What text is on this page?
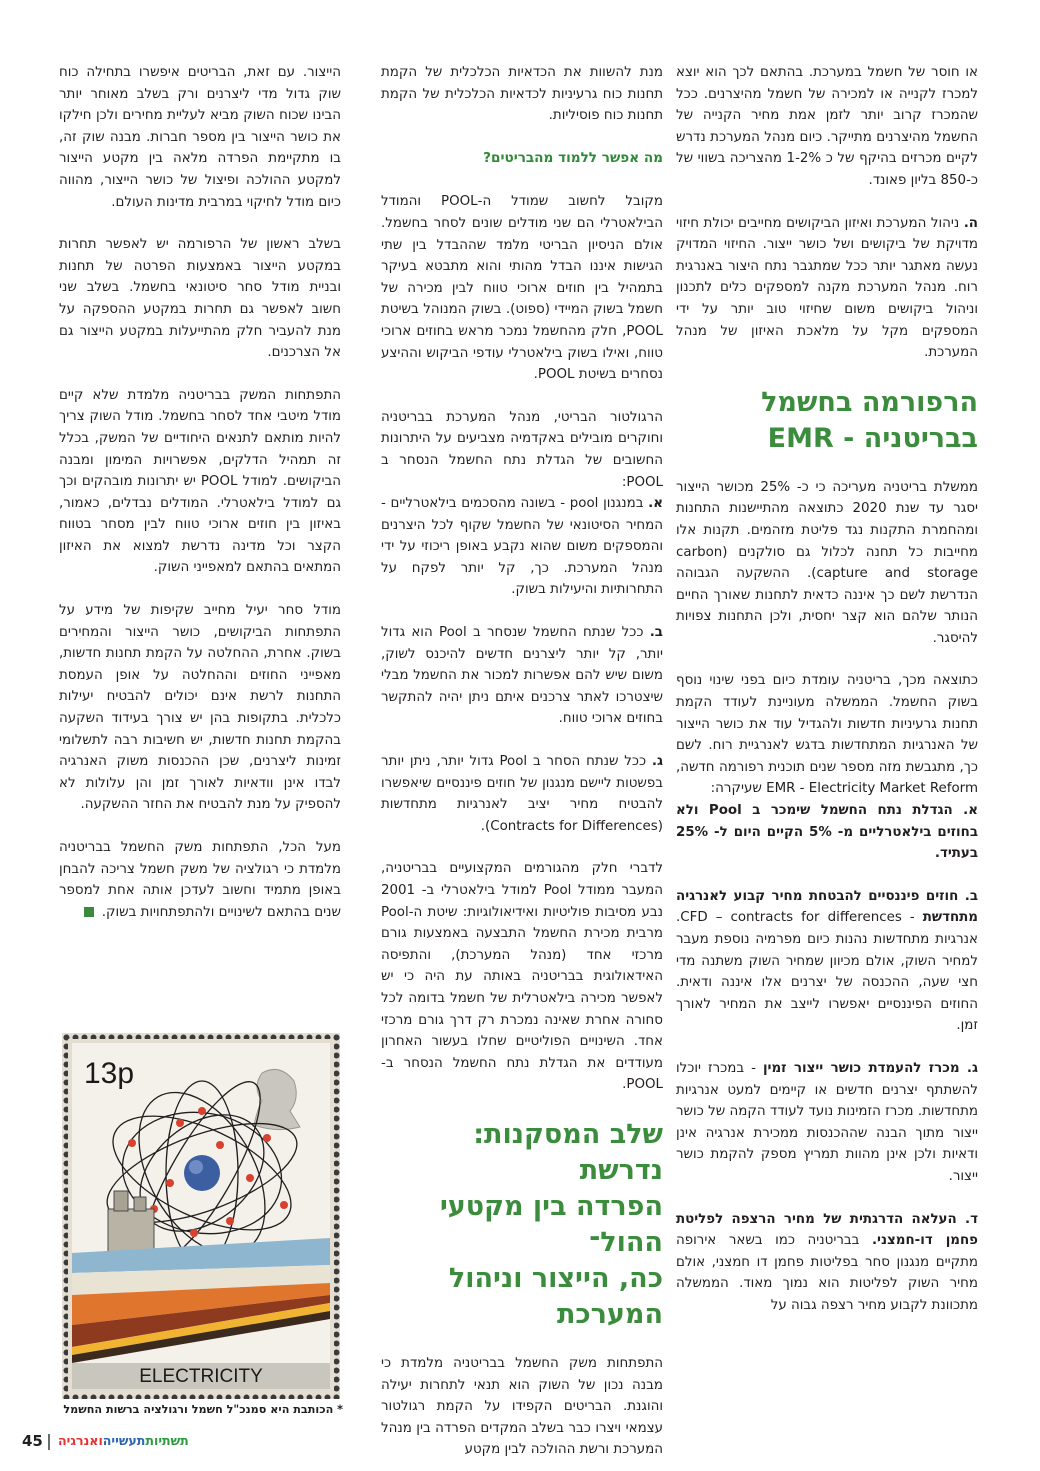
או חוסר של חשמל במערכת. בהתאם לכך הוא יוצא למכרז לקנייה או למכירה של חשמל מהיצרנים. ככל שהמכרז קרוב יותר לזמן אמת מחיר הקנייה של החשמל מהיצרנים מתייקר. כיום מנהל המערכת נדרש לקיים מכרזים בהיקף של כ 2%-1 מהצריכה בשווי של כ-850 בליון פאונד.

ה. ניהול המערכת ואיזון הביקושים מחייבים יכולת חיזוי מדויקת של ביקושים ושל כושר ייצור. החיזוי המדויק נעשה מאתגר יותר ככל שמתגבר נתח היצור באנרגית רוח. מנהל המערכת מקנה למספקים כלים לתכנון וניהול ביקושים משום שחיזוי טוב יותר על ידי המספקים מקל על מלאכת האיזון של מנהל המערכת.

הרפורמה בחשמל
בבריטניה - EMR

ממשלת בריטניה מעריכה כי כ- 25% מכושר הייצור יסגר עד שנת 2020 כתוצאה מהתיישנות התחנות ומהחמרת התקנות נגד פליטת מזהמים. תקנות אלו מחייבות כל תחנה לכלול גם סולקנים (carbon capture and storage). ההשקעה הגבוהה הנדרשת לשם כך איננה כדאית לתחנות שאורך החיים הנותר שלהם הוא קצר יחסית, ולכן התחנות צפויות להיסגר.

כתוצאה מכך, בריטניה עומדת כיום בפני שינוי נוסף בשוק החשמל. הממשלה מעוניינת לעודד הקמת תחנות גרעיניות חדשות ולהגדיל עוד את כושר הייצור של האנרגיות המתחדשות בדגש לאנרגיית רוח. לשם כך, מתגבשת מזה מספר שנים תוכנית רפורמה חדשה, EMR - Electricity Market Reform שעיקרה:

א. הגדלת נתח החשמל שימכר ב Pool ולא בחוזים בילאטרליים מ- 5% הקיים היום ל- 25% בעתיד.

ב. חוזים פיננסיים להבטחת מחיר קבוע לאנרגיה מתחדשת - CFD – contracts for differences. אנרגיות מתחדשות נהנות כיום מפרמיה נוספת מעבר למחיר השוק, אולם מכיוון שמחיר השוק משתנה מדי חצי שעה, ההכנסה של יצרנים אלו איננה ודאית. החוזים הפיננסיים יאפשרו לייצב את המחיר לאורך זמן.

ג. מכרז להעמדת כושר ייצור זמין - במכרז יוכלו להשתתף יצרנים חדשים או קיימים למעט אנרגיות מתחדשות. מכרז הזמינות נועד לעודד הקמה של כושר ייצור מתוך הבנה שההכנסות ממכירת אנרגיה אינן ודאיות ולכן אינן מהוות תמריץ מספק להקמת כושר ייצור.

ד. העלאה הדרגתית של מחיר הרצפה לפליטת פחמן דו-חמצני. בבריטניה כמו בשאר אירופה מתקיים מנגנון סחר בפליטות פחמן דו חמצני, אולם מחיר השוק לפליטות הוא נמוך מאוד. הממשלה מתכוונת לקבוע מחיר רצפה גבוה על

מנת להשוות את הכדאיות הכלכלית של הקמת תחנות כוח גרעיניות לכדאיות הכלכלית של הקמת תחנות כוח פוסיליות.

מה אפשר ללמוד מהבריטים?

מקובל לחשוב שמודל ה-POOL והמודל הבילאטרלי הם שני מודלים שונים לסחר בחשמל. אולם הניסיון הבריטי מלמד שההבדל בין שתי הגישות איננו הבדל מהותי והוא מתבטא בעיקר בתמהיל בין חוזים ארוכי טווח לבין מכירה של חשמל בשוק המיידי (ספוט). בשוק המנוהל בשיטת POOL, חלק מהחשמל נמכר מראש בחוזים ארוכי טווח, ואילו בשוק בילאטרלי עודפי הביקוש וההיצע נסחרים בשיטת POOL.

הרגולטור הבריטי, מנהל המערכת בבריטניה וחוקרים מובילים באקדמיה מצביעים על היתרונות החשובים של הגדלת נתח החשמל הנסחר ב POOL:

א. במנגנון pool - בשונה מהסכמים בילאטרליים - המחיר הסיטונאי של החשמל שקוף לכל היצרנים והמספקים משום שהוא נקבע באופן ריכוזי על ידי מנהל המערכת. כך, קל יותר לפקח על התחרותיות והיעילות בשוק.

ב. ככל שנתח החשמל שנסחר ב Pool הוא גדול יותר, קל יותר ליצרנים חדשים להיכנס לשוק, משום שיש להם אפשרות למכור את החשמל מבלי שיצטרכו לאתר צרכנים איתם ניתן יהיה להתקשר בחוזים ארוכי טווח.

ג. ככל שנתח הסחר ב Pool גדול יותר, ניתן יותר בפשטות ליישם מנגנון של חוזים פיננסיים שיאפשרו להבטיח מחיר יציב לאנרגיות מתחדשות (Contracts for Differences).

לדברי חלק מהגורמים המקצועיים בבריטניה, המעבר ממודל Pool למודל בילאטרלי ב- 2001 נבע מסיבות פוליטיות ואידיאולוגיות: שיטת ה-Pool מרבית מכירת החשמל התבצעה באמצעות גורם מרכזי אחד (מנהל המערכת), והתפיסה האידאולוגית בבריטניה באותה עת היה כי יש לאפשר מכירה בילאטרלית של חשמל בדומה לכל סחורה אחרת שאינה נמכרת רק דרך גורם מרכזי אחד. השינויים הפוליטיים שחלו בעשור האחרון מעודדים את הגדלת נתח החשמל הנסחר ב- POOL.

שלב המסקנות: נדרשת
הפרדה בין מקטעי ההול־
כה, הייצור וניהול המערכת

התפתחות משק החשמל בבריטניה מלמדת כי מבנה נכון של השוק הוא תנאי לתחרות יעילה והוגנת. הבריטים הקפידו על הקמת רגולטור עצמאי ויצרו כבר בשלב המקדים הפרדה בין מנהל המערכת ורשת ההולכה לבין מקטע

הייצור. עם זאת, הבריטים איפשרו בתחילה כוח שוק גדול מדי ליצרנים ורק בשלב מאוחר יותר הבינו שכוח השוק מביא לעליית מחירים ולכן חילקו את כושר הייצור בין מספר חברות. מבנה שוק זה, בו מתקיימת הפרדה מלאה בין מקטע הייצור למקטע ההולכה ופיצול של כושר הייצור, מהווה כיום מודל לחיקוי במרבית מדינות העולם.

בשלב ראשון של הרפורמה יש לאפשר תחרות במקטע הייצור באמצעות הפרטה של תחנות ובניית מודל סחר סיטונאי בחשמל. בשלב שני חשוב לאפשר גם תחרות במקטע ההספקה על מנת להעביר חלק מהתייעלות במקטע הייצור גם אל הצרכנים.

התפתחות המשק בבריטניה מלמדת שלא קיים מודל מיטבי אחד לסחר בחשמל. מודל השוק צריך להיות מותאם לתנאים היחודיים של המשק, בכלל זה תמהיל הדלקים, אפשרויות המימון ומבנה הביקושים. למודל POOL יש יתרונות מובהקים וכך גם למודל בילאטרלי. המודלים נבדלים, כאמור, באיזון בין חוזים ארוכי טווח לבין מסחר בטווח הקצר וכל מדינה נדרשת למצוא את האיזון המתאים בהתאם למאפייני השוק.

מודל סחר יעיל מחייב שקיפות של מידע על התפתחות הביקושים, כושר הייצור והמחירים בשוק. אחרת, ההחלטה על הקמת תחנות חדשות, מאפייני החוזים וההחלטה על אופן העמסת התחנות לרשת אינם יכולים להבטיח יעילות כלכלית. בתקופות בהן יש צורך בעידוד השקעה בהקמת תחנות חדשות, יש חשיבות רבה לתשלומי זמינות ליצרנים, שכן ההכנסות משוק האנרגיה לבדו אינן וודאיות לאורך זמן והן עלולות לא להספיק על מנת להבטיח את החזר ההשקעה.

מעל הכל, התפתחות משק החשמל בבריטניה מלמדת כי רגולציה של משק חשמל צריכה להבחן באופן מתמיד וחשוב לעדכן אותה אחת למספר שנים בהתאם לשינויים ולהתפתחויות בשוק.

13p
ELECTRICITY
* הכותבת היא סמנכ"ל חשמל ורגולציה ברשות החשמל
45	תשתיותתעשייהואנרגיה
